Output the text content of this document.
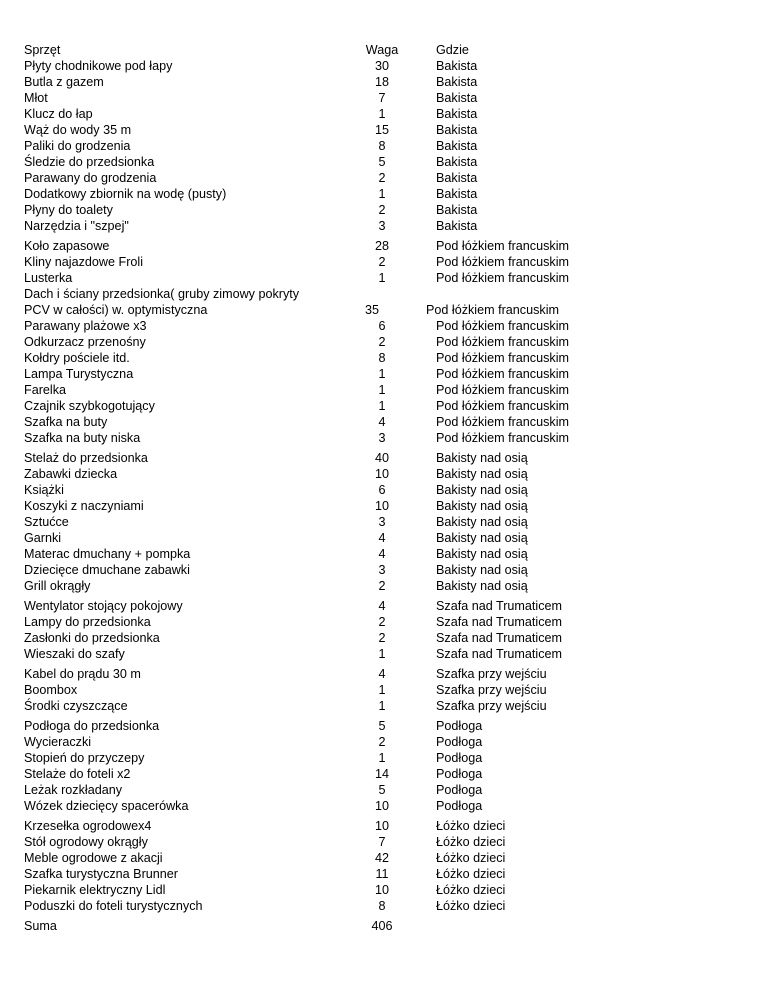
Sprzęt	Waga	Gdzie
Płyty chodnikowe pod łapy	30	Bakista
Butla z gazem	18	Bakista
Młot	7	Bakista
Klucz do łap	1	Bakista
Wąż do wody 35 m	15	Bakista
Paliki do grodzenia	8	Bakista
Śledzie do przedsionka	5	Bakista
Parawany do grodzenia	2	Bakista
Dodatkowy zbiornik na wodę (pusty)	1	Bakista
Płyny do toalety	2	Bakista
Narzędzia i "szpej"	3	Bakista
Koło zapasowe	28	Pod łóżkiem francuskim
Kliny najazdowe Froli	2	Pod łóżkiem francuskim
Lusterka	1	Pod łóżkiem francuskim
Dach i ściany przedsionka( gruby zimowy pokryty PCV w całości) w. optymistyczna	35	Pod łóżkiem francuskim
Parawany plażowe x3	6	Pod łóżkiem francuskim
Odkurzacz przenośny	2	Pod łóżkiem francuskim
Kołdry pościele itd.	8	Pod łóżkiem francuskim
Lampa Turystyczna	1	Pod łóżkiem francuskim
Farelka	1	Pod łóżkiem francuskim
Czajnik szybkogotujący	1	Pod łóżkiem francuskim
Szafka na buty	4	Pod łóżkiem francuskim
Szafka na buty niska	3	Pod łóżkiem francuskim
Stelaż do przedsionka	40	Bakisty nad osią
Zabawki dziecka	10	Bakisty nad osią
Książki	6	Bakisty nad osią
Koszyki z naczyniami	10	Bakisty nad osią
Sztućce	3	Bakisty nad osią
Garnki	4	Bakisty nad osią
Materac dmuchany + pompka	4	Bakisty nad osią
Dziecięce dmuchane zabawki	3	Bakisty nad osią
Grill okrągły	2	Bakisty nad osią
Wentylator stojący pokojowy	4	Szafa nad Trumaticem
Lampy do przedsionka	2	Szafa nad Trumaticem
Zasłonki do przedsionka	2	Szafa nad Trumaticem
Wieszaki do szafy	1	Szafa nad Trumaticem
Kabel do prądu 30 m	4	Szafka przy wejściu
Boombox	1	Szafka przy wejściu
Środki czyszczące	1	Szafka przy wejściu
Podłoga do przedsionka	5	Podłoga
Wycieraczki	2	Podłoga
Stopień do przyczepy	1	Podłoga
Stelaże do foteli x2	14	Podłoga
Leżak rozkładany	5	Podłoga
Wózek dziecięcy spacerówka	10	Podłoga
Krzesełka ogrodowex4	10	Łóżko dzieci
Stół ogrodowy okrągły	7	Łóżko dzieci
Meble ogrodowe z akacji	42	Łóżko dzieci
Szafka turystyczna Brunner	11	Łóżko dzieci
Piekarnik elektryczny Lidl	10	Łóżko dzieci
Poduszki do foteli turystycznych	8	Łóżko dzieci
Suma	406
